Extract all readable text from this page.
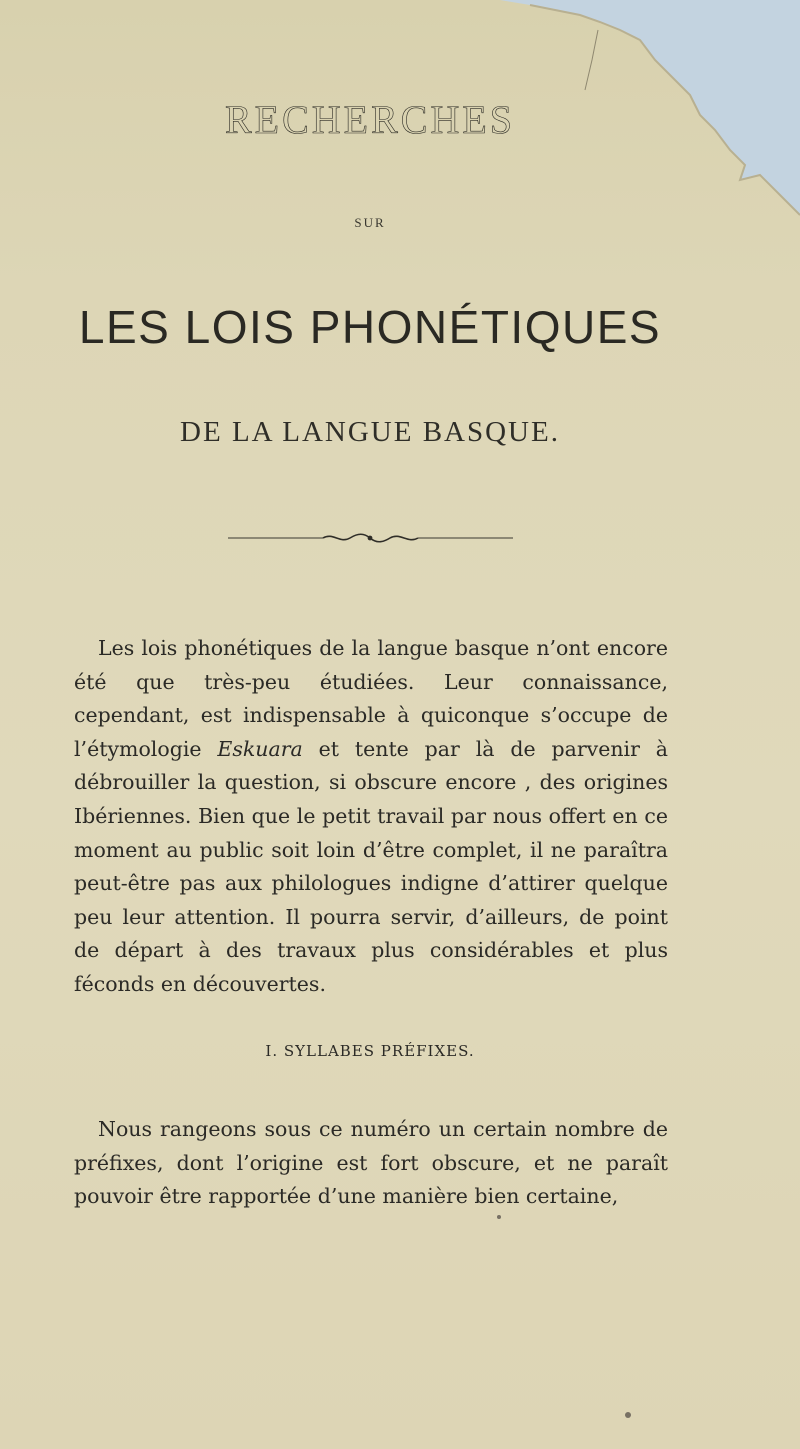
RECHERCHES
SUR
LES LOIS PHONÉTIQUES
DE LA LANGUE BASQUE.

Les lois phonétiques de la langue basque n’ont encore été que très-peu étudiées. Leur connaissance, cependant, est indispensable à quiconque s’occupe de l’étymologie Eskuara et tente par là de parvenir à débrouiller la question, si obscure encore , des origines Ibériennes. Bien que le petit travail par nous offert en ce moment au public soit loin d’être complet, il ne paraîtra peut-être pas aux philologues indigne d’attirer quelque peu leur attention. Il pourra servir, d’ailleurs, de point de départ à des travaux plus considérables et plus féconds en découvertes.

I. SYLLABES PRÉFIXES.

Nous rangeons sous ce numéro un certain nombre de préfixes, dont l’origine est fort obscure, et ne paraît pouvoir être rapportée d’une manière bien certaine,
